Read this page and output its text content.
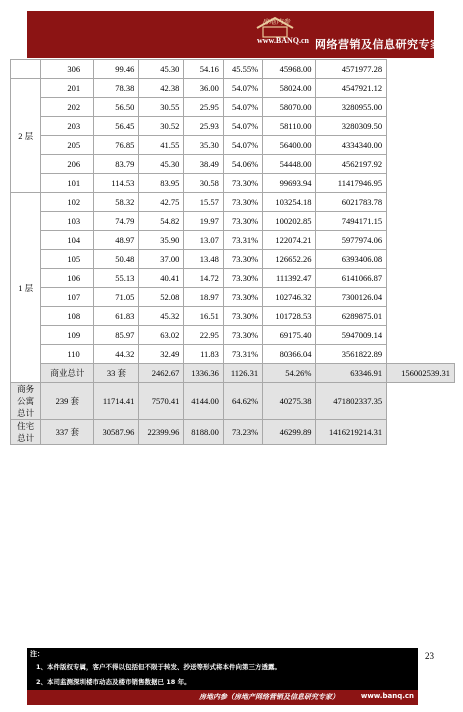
房地内参
www.BANQ.cn 网络营销及信息研究专家
	306	99.46	45.30	54.16	45.55%	45968.00	4571977.28	
2 层	201	78.38	42.38	36.00	54.07%	58024.00	4547921.12	
	202	56.50	30.55	25.95	54.07%	58070.00	3280955.00	
	203	56.45	30.52	25.93	54.07%	58110.00	3280309.50	
	205	76.85	41.55	35.30	54.07%	56400.00	4334340.00	
	206	83.79	45.30	38.49	54.06%	54448.00	4562197.92	
	101	114.53	83.95	30.58	73.30%	99693.94	11417946.95	
1 层	102	58.32	42.75	15.57	73.30%	103254.18	6021783.78	
	103	74.79	54.82	19.97	73.30%	100202.85	7494171.15	
	104	48.97	35.90	13.07	73.31%	122074.21	5977974.06	
	105	50.48	37.00	13.48	73.30%	126652.26	6393406.08	
	106	55.13	40.41	14.72	73.30%	111392.47	6141066.87	
	107	71.05	52.08	18.97	73.30%	102746.32	7300126.04	
	108	61.83	45.32	16.51	73.30%	101728.53	6289875.01	
	109	85.97	63.02	22.95	73.30%	69175.40	5947009.14	
	110	44.32	32.49	11.83	73.31%	80366.04	3561822.89	
	商业总计	33 套	2462.67	1336.36	1126.31	54.26%	63346.91	156002539.31
商务公寓总计	239 套	11714.41	7570.41	4144.00	64.62%	40275.38	471802337.35	
住宅总计	337 套	30587.96	22399.96	8188.00	73.23%	46299.89	1416219214.31	
23
注：
1、本件版权专属，客户不得以包括但不限于转发、抄送等形式将本件向第三方透露。
2、本司监测深圳楼市动态及楼市销售数据已 18 年。
房地内参（房地产网络营销及信息研究专家）	www.banq.cn
